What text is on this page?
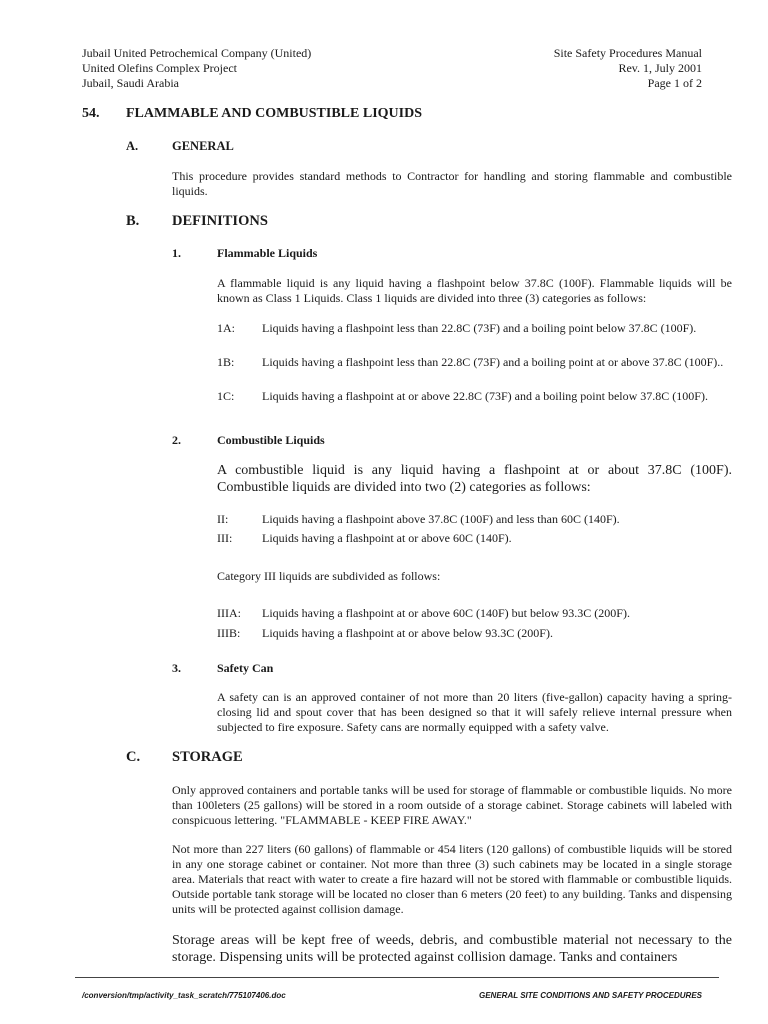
Jubail United Petrochemical Company (United)
United Olefins Complex Project
Jubail, Saudi Arabia
Site Safety Procedures Manual
Rev. 1, July 2001
Page 1 of 2
54. FLAMMABLE AND COMBUSTIBLE LIQUIDS
A.	GENERAL
This procedure provides standard methods to Contractor for handling and storing flammable and combustible liquids.
B. DEFINITIONS
1.	Flammable Liquids
A flammable liquid is any liquid having a flashpoint below 37.8C (100F). Flammable liquids will be known as Class 1 Liquids. Class 1 liquids are divided into three (3) categories as follows:
1A: Liquids having a flashpoint less than 22.8C (73F) and a boiling point below 37.8C (100F).
1B: Liquids having a flashpoint less than 22.8C (73F) and a boiling point at or above 37.8C (100F)..
1C: Liquids having a flashpoint at or above 22.8C (73F) and a boiling point below 37.8C (100F).
2.	Combustible Liquids
A combustible liquid is any liquid having a flashpoint at or about 37.8C (100F). Combustible liquids are divided into two (2) categories as follows:
II:	Liquids having a flashpoint above 37.8C (100F) and less than 60C (140F).
III: Liquids having a flashpoint at or above 60C (140F).
Category III liquids are subdivided as follows:
IIIA: Liquids having a flashpoint at or above 60C (140F) but below 93.3C (200F).
IIIB: Liquids having a flashpoint at or above below 93.3C (200F).
3.	Safety Can
A safety can is an approved container of not more than 20 liters (five-gallon) capacity having a spring-closing lid and spout cover that has been designed so that it will safely relieve internal pressure when subjected to fire exposure. Safety cans are normally equipped with a safety valve.
C. STORAGE
Only approved containers and portable tanks will be used for storage of flammable or combustible liquids. No more than 100leters (25 gallons) will be stored in a room outside of a storage cabinet. Storage cabinets will labeled with conspicuous lettering. "FLAMMABLE - KEEP FIRE AWAY."
Not more than 227 liters (60 gallons) of flammable or 454 liters (120 gallons) of combustible liquids will be stored in any one storage cabinet or container. Not more than three (3) such cabinets may be located in a single storage area. Materials that react with water to create a fire hazard will not be stored with flammable or combustible liquids. Outside portable tank storage will be located no closer than 6 meters (20 feet) to any building. Tanks and dispensing units will be protected against collision damage.
Storage areas will be kept free of weeds, debris, and combustible material not necessary to the storage. Dispensing units will be protected against collision damage. Tanks and containers
/conversion/tmp/activity_task_scratch/775107406.doc	GENERAL SITE CONDITIONS AND SAFETY PROCEDURES
